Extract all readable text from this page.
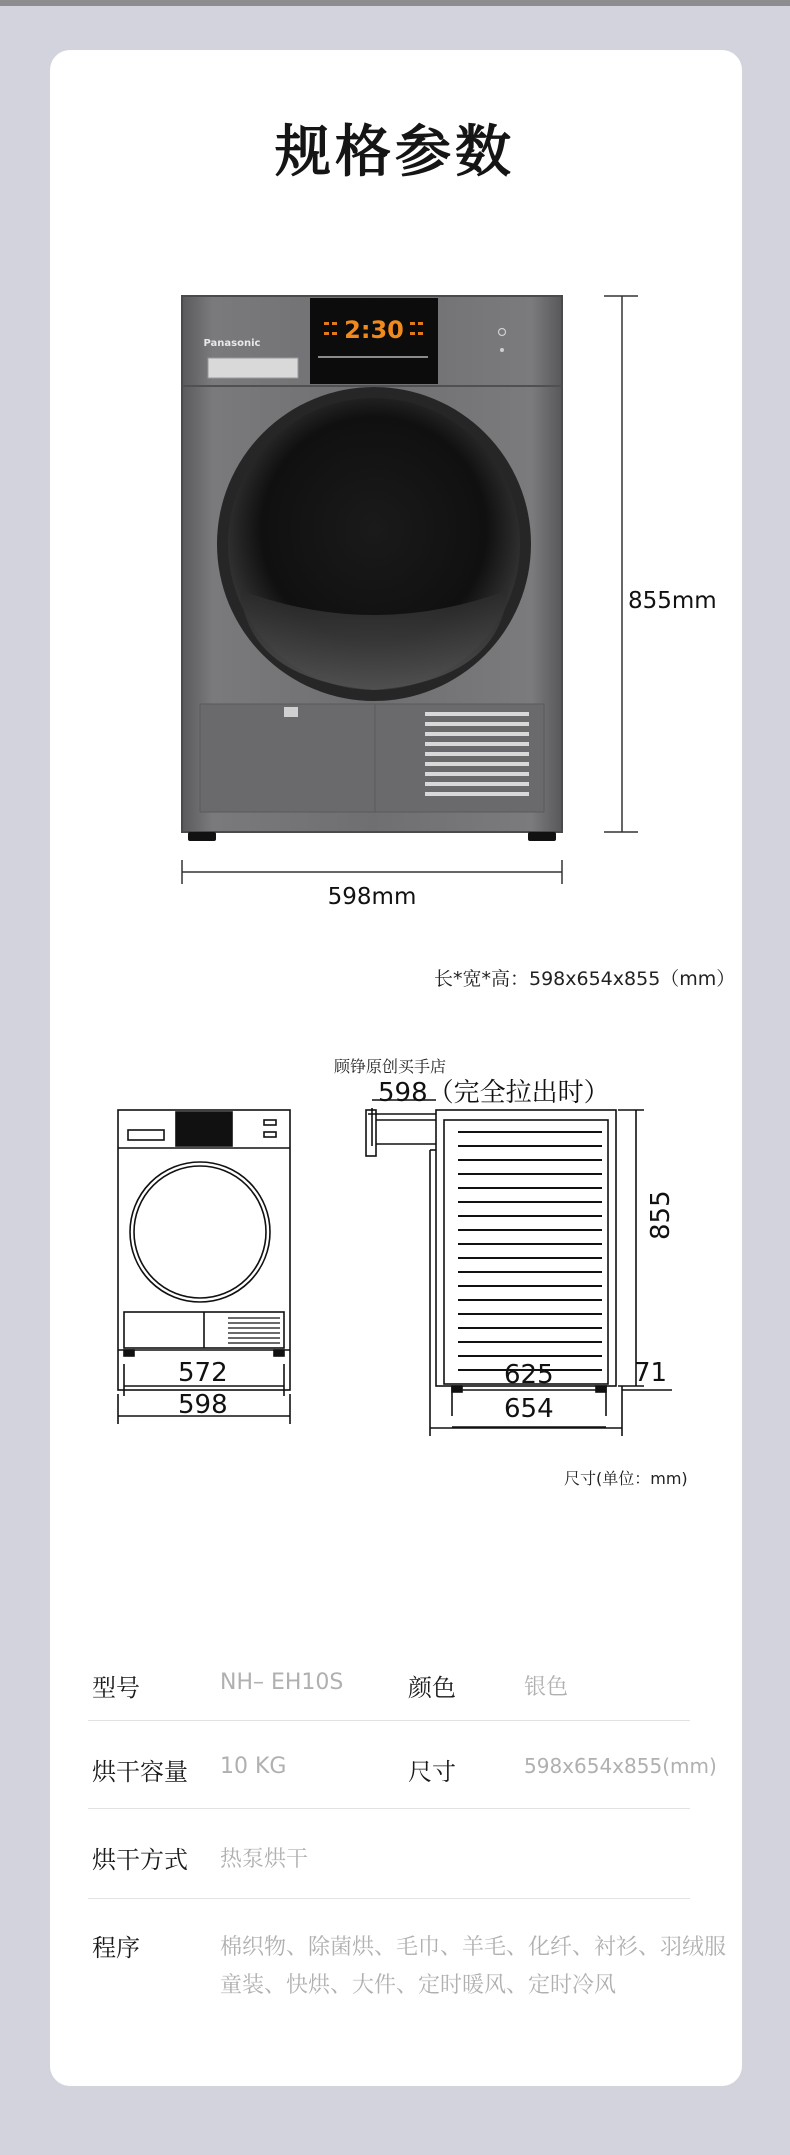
规格参数
2:30
Panasonic
855mm
598mm
长*宽*高：598x654x855（mm）
顾铮原创买手店
598（完全拉出时）
572
598
855
625	71
654
尺寸(单位：mm)
型号	NH– EH10S	颜色	银色
烘干容量 10 KG	尺寸	598x654x855(mm)
烘干方式 热泵烘干
程序	棉织物、除菌烘、毛巾、羊毛、化纤、衬衫、羽绒服
童装、快烘、大件、定时暖风、定时冷风
